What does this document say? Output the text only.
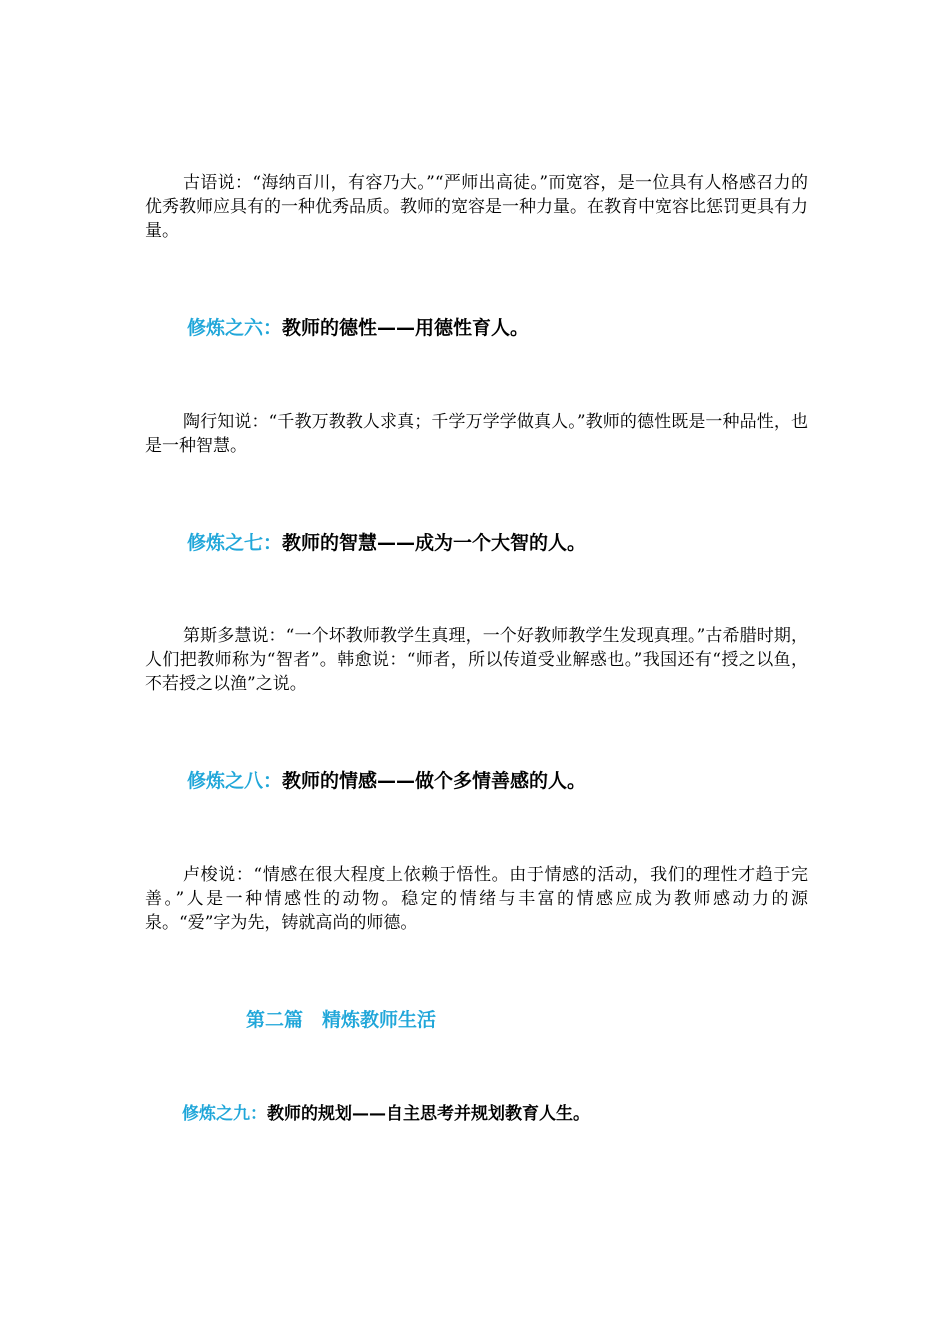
古语说：“海纳百川，有容乃大。”“严师出高徒。”而宽容，是一位具有人格感召力的优秀教师应具有的一种优秀品质。教师的宽容是一种力量。在教育中宽容比惩罚更具有力量。

修炼之六：教师的德性——用德性育人。

陶行知说：“千教万教教人求真；千学万学学做真人。”教师的德性既是一种品性，也是一种智慧。

修炼之七：教师的智慧——成为一个大智的人。

第斯多慧说：“一个坏教师教学生真理，一个好教师教学生发现真理。”古希腊时期，人们把教师称为“智者”。韩愈说：“师者，所以传道受业解惑也。”我国还有“授之以鱼，不若授之以渔”之说。

修炼之八：教师的情感——做个多情善感的人。

卢梭说：“情感在很大程度上依赖于悟性。由于情感的活动，我们的理性才趋于完善。”人是一种情感性的动物。稳定的情绪与丰富的情感应成为教师感动力的源泉。“爱”字为先，铸就高尚的师德。

第二篇　精炼教师生活
修炼之九：教师的规划——自主思考并规划教育人生。
